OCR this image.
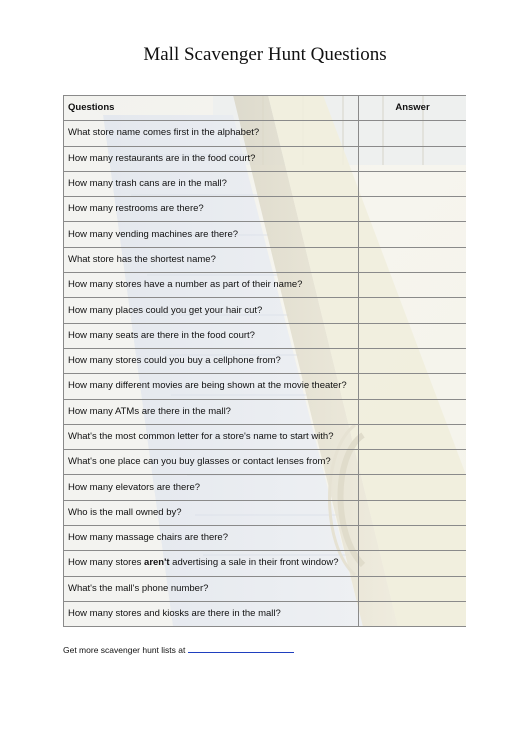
Mall Scavenger Hunt Questions
Questions	Answer
What store name comes first in the alphabet?	
How many restaurants are in the food court?	
How many trash cans are in the mall?	
How many restrooms are there?	
How many vending machines are there?	
What store has the shortest name?	
How many stores have a number as part of their name?	
How many places could you get your hair cut?	
How many seats are there in the food court?	
How many stores could you buy a cellphone from?	
How many different movies are being shown at the movie theater?	
How many ATMs are there in the mall?	
What's the most common letter for a store's name to start with?	
What's one place can you buy glasses or contact lenses from?	
How many elevators are there?	
Who is the mall owned by?	
How many massage chairs are there?	
How many stores aren't advertising a sale in their front window?	
What's the mall's phone number?	
How many stores and kiosks are there in the mall?	
Get more scavenger hunt lists at
